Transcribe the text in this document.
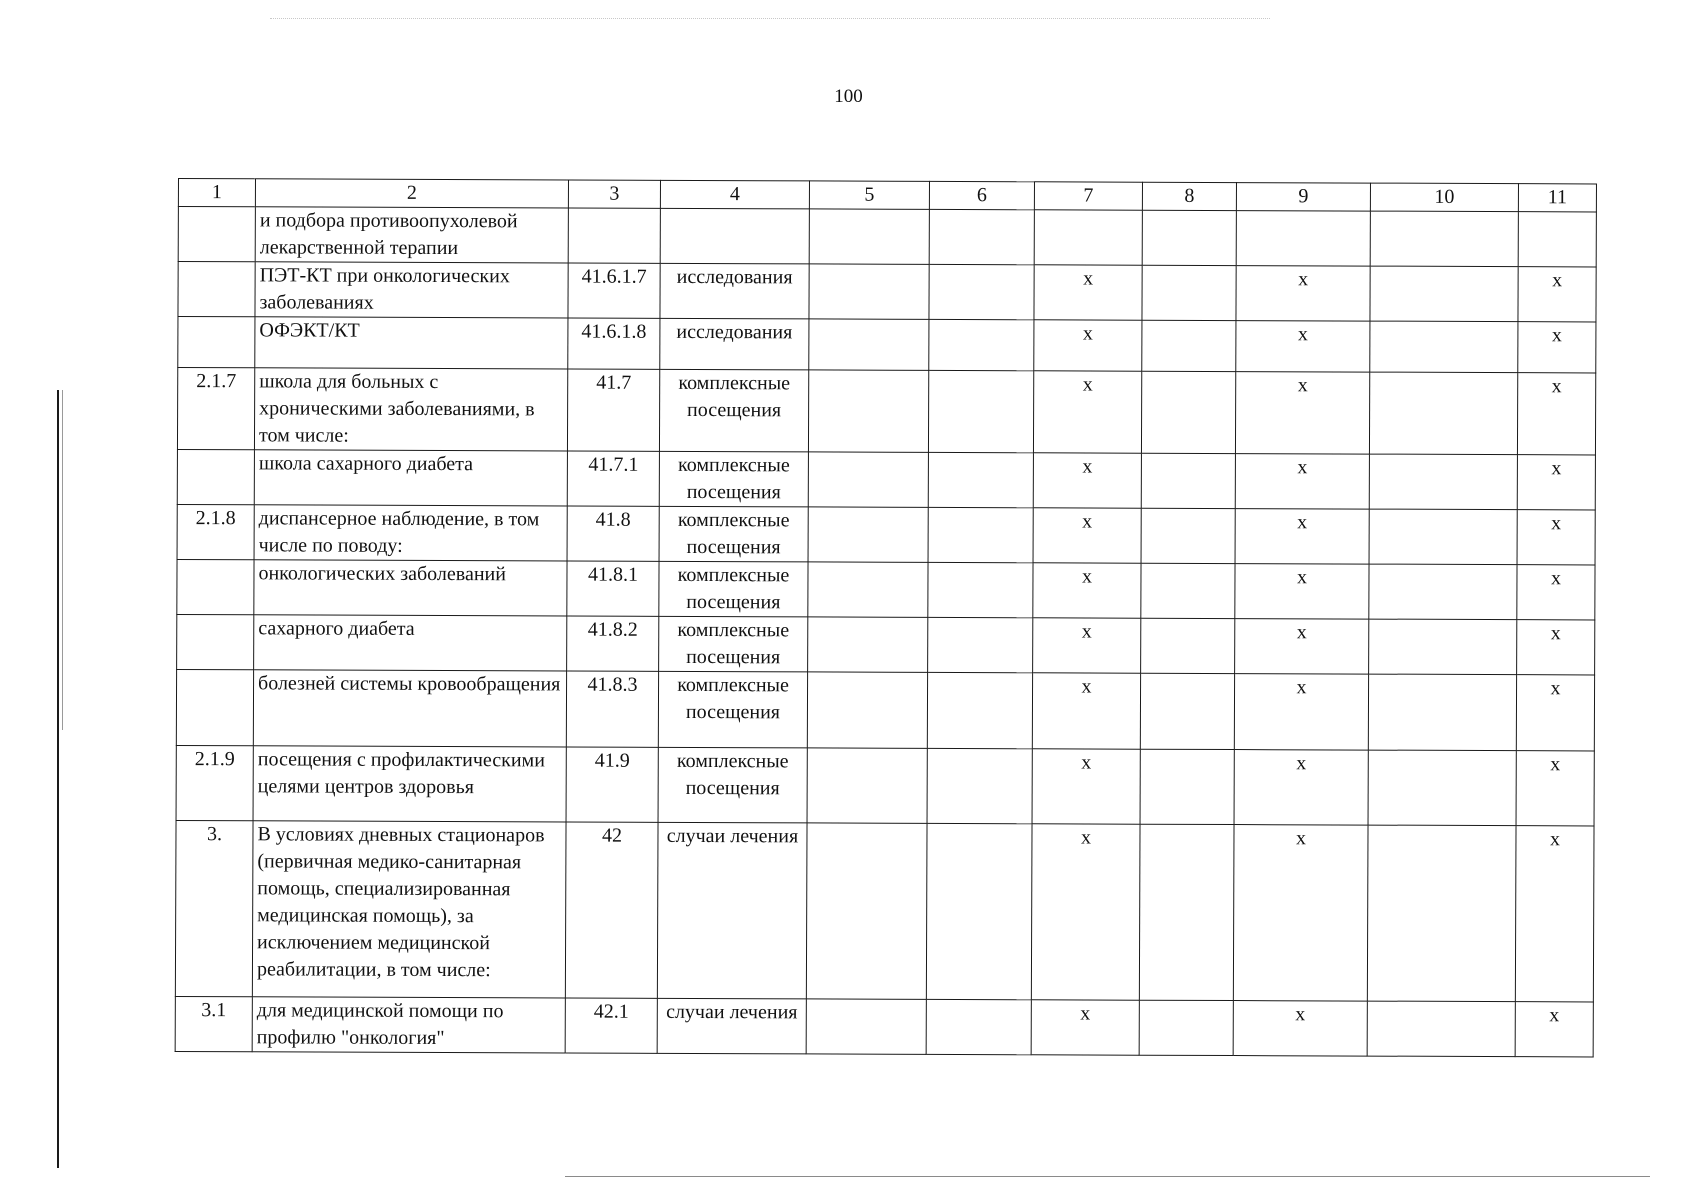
100
1	2	3	4	5	6	7	8	9	10	11
	и подбора противоопухолевой лекарственной терапии									
	ПЭТ-КТ при онкологических заболеваниях	41.6.1.7	исследования			х		х		х
	ОФЭКТ/КТ	41.6.1.8	исследования			х		х		х
2.1.7	школа для больных с хроническими заболеваниями, в том числе:	41.7	комплексные посещения			х		х		х
	школа сахарного диабета	41.7.1	комплексные посещения			х		х		х
2.1.8	диспансерное наблюдение, в том числе по поводу:	41.8	комплексные посещения			х		х		х
	онкологических заболеваний	41.8.1	комплексные посещения			х		х		х
	сахарного диабета	41.8.2	комплексные посещения			х		х		х
	болезней системы кровообращения	41.8.3	комплексные посещения			х		х		х
2.1.9	посещения с профилактическими целями центров здоровья	41.9	комплексные посещения			х		х		х
3.	В условиях дневных стационаров (первичная медико-санитарная помощь, специализированная медицинская помощь), за исключением медицинской реабилитации, в том числе:	42	случаи лечения			х		х		х
3.1	для медицинской помощи по профилю "онкология"	42.1	случаи лечения			х		х		х
